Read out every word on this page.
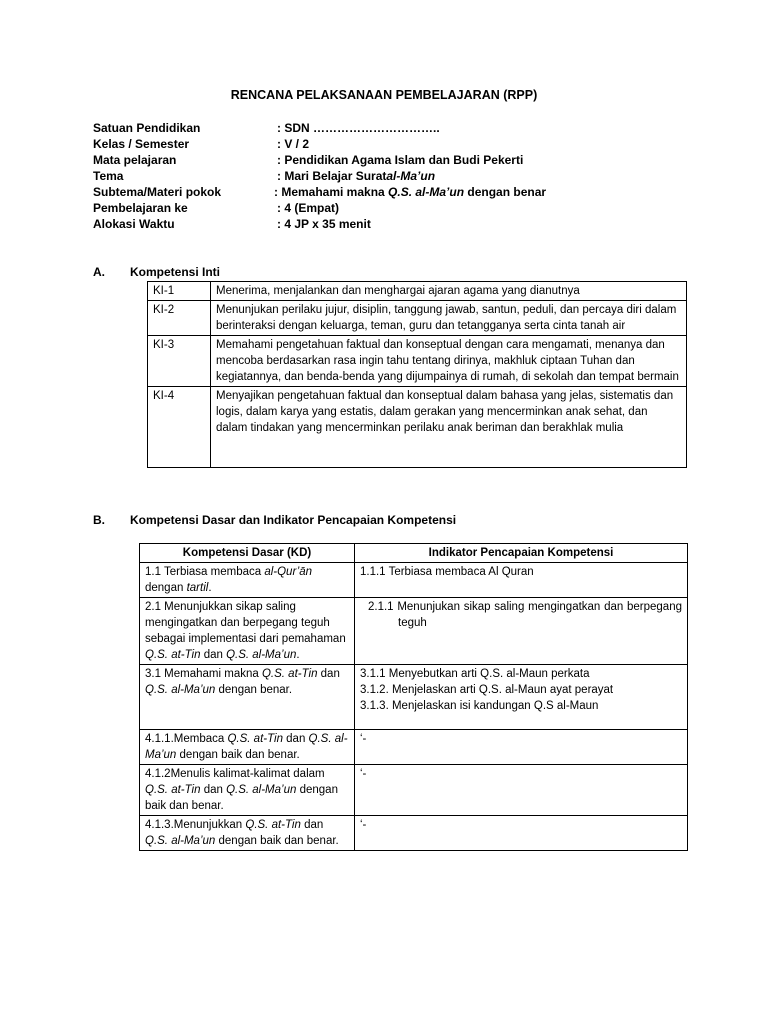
RENCANA PELAKSANAAN PEMBELAJARAN (RPP)
Satuan Pendidikan	: SDN …………………………..
Kelas / Semester	: V / 2
Mata pelajaran	: Pendidikan Agama Islam dan Budi Pekerti
Tema	: Mari Belajar Suratal-Ma’un
Subtema/Materi pokok	: Memahami makna Q.S. al-Ma’un dengan benar
Pembelajaran ke	: 4 (Empat)
Alokasi Waktu	: 4 JP x 35 menit
A. Kompetensi Inti
KI-1	Menerima, menjalankan dan menghargai ajaran agama yang dianutnya
KI-2	Menunjukan perilaku jujur, disiplin, tanggung jawab, santun, peduli, dan percaya diri dalam berinteraksi dengan keluarga, teman, guru dan tetangganya serta cinta tanah air
KI-3	Memahami pengetahuan faktual dan konseptual dengan cara mengamati, menanya dan mencoba berdasarkan rasa ingin tahu tentang dirinya, makhluk ciptaan Tuhan dan kegiatannya, dan benda-benda yang dijumpainya di rumah, di sekolah dan tempat bermain
KI-4	Menyajikan pengetahuan faktual dan konseptual dalam bahasa yang jelas, sistematis dan logis, dalam karya yang estatis, dalam gerakan yang mencerminkan anak sehat, dan dalam tindakan yang mencerminkan perilaku anak beriman dan berakhlak mulia
B. Kompetensi Dasar dan Indikator Pencapaian Kompetensi
Kompetensi Dasar (KD)	Indikator Pencapaian Kompetensi
1.1 Terbiasa membaca al-Qur’ān dengan tartil.	1.1.1 Terbiasa membaca Al Quran
2.1 Menunjukkan sikap saling mengingatkan dan berpegang teguh sebagai implementasi dari pemahaman Q.S. at-Tin dan Q.S. al-Ma’un.	2.1.1 Menunjukan sikap saling mengingatkan dan berpegang teguh

3.1 Memahami makna Q.S. at-Tin dan Q.S. al-Ma’un dengan benar.	3.1.1 Menyebutkan arti Q.S. al-Maun perkata
3.1.2. Menjelaskan arti Q.S. al-Maun ayat perayat
3.1.3. Menjelaskan isi kandungan Q.S al-Maun

4.1.1.Membaca Q.S. at-Tin dan Q.S. al-Ma’un dengan baik dan benar.	‘-
4.1.2Menulis kalimat-kalimat dalam Q.S. at-Tin dan Q.S. al-Ma’un dengan baik dan benar.	‘-
4.1.3.Menunjukkan Q.S. at-Tin dan Q.S. al-Ma’un dengan baik dan benar.	‘-
